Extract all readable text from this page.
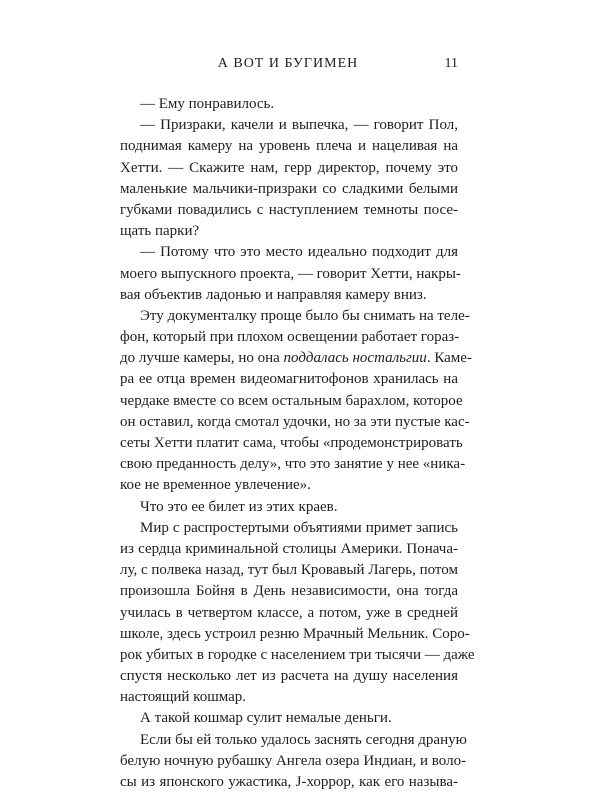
А ВОТ И БУГИМЕН	11
— Ему понравилось.
— Призраки, качели и выпечка, — говорит Пол,
поднимая камеру на уровень плеча и нацеливая на
Хетти. — Скажите нам, герр директор, почему это
маленькие мальчики-призраки со сладкими белыми
губками повадились с наступлением темноты посе-
щать парки?
— Потому что это место идеально подходит для
моего выпускного проекта, — говорит Хетти, накры-
вая объектив ладонью и направляя камеру вниз.
Эту документалку проще было бы снимать на теле-
фон, который при плохом освещении работает гораз-
до лучше камеры, но она поддалась ностальгии. Каме-
ра ее отца времен видеомагнитофонов хранилась на
чердаке вместе со всем остальным барахлом, которое
он оставил, когда смотал удочки, но за эти пустые кас-
сеты Хетти платит сама, чтобы «продемонстрировать
свою преданность делу», что это занятие у нее «ника-
кое не временное увлечение».
Что это ее билет из этих краев.
Мир с распростертыми объятиями примет запись
из сердца криминальной столицы Америки. Понача-
лу, с полвека назад, тут был Кровавый Лагерь, потом
произошла Бойня в День независимости, она тогда
училась в четвертом классе, а потом, уже в средней
школе, здесь устроил резню Мрачный Мельник. Соро-
рок убитых в городке с населением три тысячи — даже
спустя несколько лет из расчета на душу населения
настоящий кошмар.
А такой кошмар сулит немалые деньги.
Если бы ей только удалось заснять сегодня драную
белую ночную рубашку Ангела озера Индиан, и воло-
сы из японского ужастика, J-хоррор, как его называ-
